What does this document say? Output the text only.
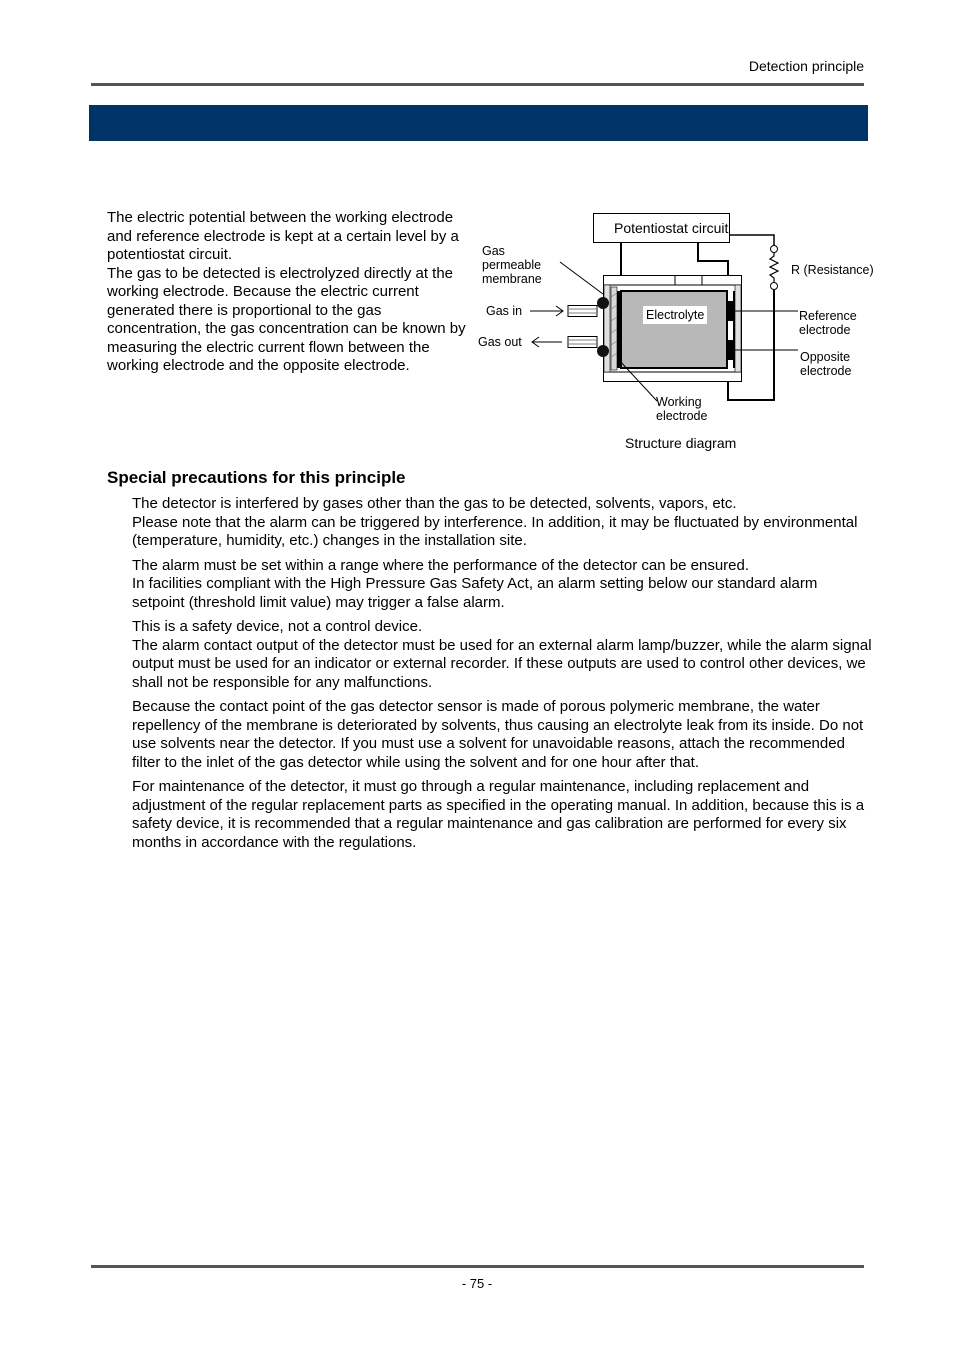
Detection principle

The electric potential between the working electrode and reference electrode is kept at a certain level by a potentiostat circuit.

The gas to be detected is electrolyzed directly at the working electrode. Because the electric current generated there is proportional to the gas concentration, the gas concentration can be known by measuring the electric current flown between the working electrode and the opposite electrode.

Potentiostat circuit
R (Resistance)
Gas
permeable
membrane
Gas in
Gas out
Electrolyte	Reference
electrode
Opposite
electrode
Working
electrode
Structure diagram
Special precautions for this principle

The detector is interfered by gases other than the gas to be detected, solvents, vapors, etc.

Please note that the alarm can be triggered by interference. In addition, it may be fluctuated by environmental (temperature, humidity, etc.) changes in the installation site.

The alarm must be set within a range where the performance of the detector can be ensured.

In facilities compliant with the High Pressure Gas Safety Act, an alarm setting below our standard alarm setpoint (threshold limit value) may trigger a false alarm.

This is a safety device, not a control device.

The alarm contact output of the detector must be used for an external alarm lamp/buzzer, while the alarm signal output must be used for an indicator or external recorder. If these outputs are used to control other devices, we shall not be responsible for any malfunctions.

Because the contact point of the gas detector sensor is made of porous polymeric membrane, the water repellency of the membrane is deteriorated by solvents, thus causing an electrolyte leak from its inside. Do not use solvents near the detector. If you must use a solvent for unavoidable reasons, attach the recommended filter to the inlet of the gas detector while using the solvent and for one hour after that.

For maintenance of the detector, it must go through a regular maintenance, including replacement and adjustment of the regular replacement parts as specified in the operating manual. In addition, because this is a safety device, it is recommended that a regular maintenance and gas calibration are performed for every six months in accordance with the regulations.

- 75 -
